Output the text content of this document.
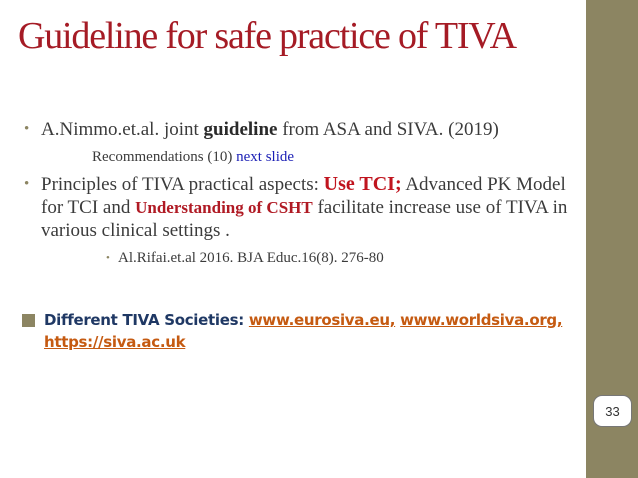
Guideline for safe practice of TIVA
• A.Nimmo.et.al. joint guideline from ASA and SIVA. (2019)
Recommendations (10) next slide
• Principles of TIVA practical aspects: Use TCI; Advanced PK Model for TCI and Understanding of CSHT facilitate increase use of TIVA in various clinical settings .
• Al.Rifai.et.al 2016. BJA Educ.16(8). 276-80
Different TIVA Societies: www.eurosiva.eu, www.worldsiva.org,
https://siva.ac.uk
33
